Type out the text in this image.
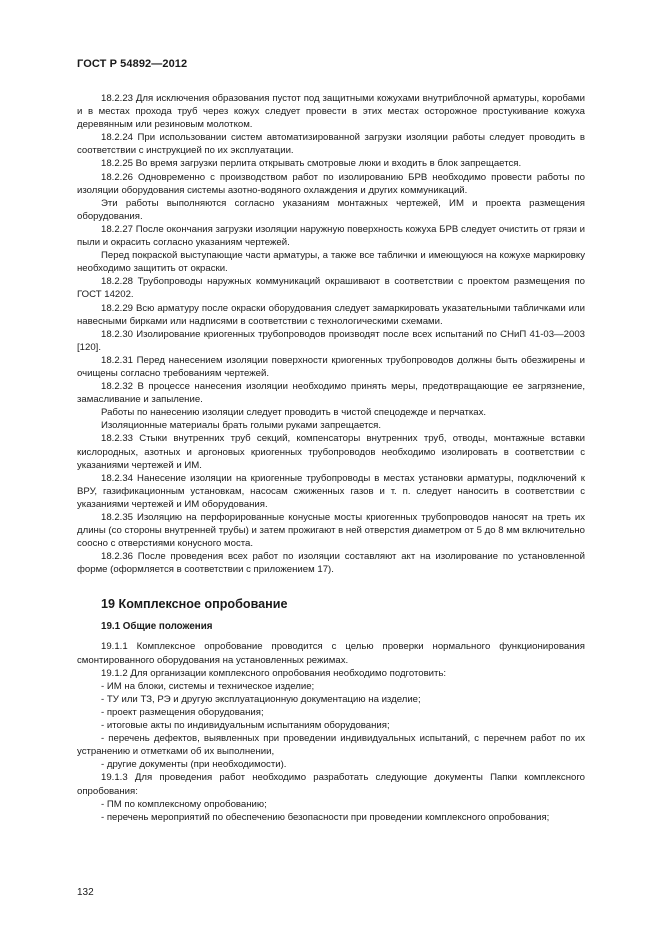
ГОСТ Р 54892—2012

18.2.23 Для исключения образования пустот под защитными кожухами внутриблочной арматуры, коробами и в местах прохода труб через кожух следует провести в этих местах осторожное простукивание кожуха деревянным или резиновым молотком.

18.2.24 При использовании систем автоматизированной загрузки изоляции работы следует проводить в соответствии с инструкцией по их эксплуатации.

18.2.25 Во время загрузки перлита открывать смотровые люки и входить в блок запрещается.

18.2.26 Одновременно с производством работ по изолированию БРВ необходимо провести работы по изоляции оборудования системы азотно-водяного охлаждения и других коммуникаций.

Эти работы выполняются согласно указаниям монтажных чертежей, ИМ и проекта размещения оборудования.

18.2.27 После окончания загрузки изоляции наружную поверхность кожуха БРВ следует очистить от грязи и пыли и окрасить согласно указаниям чертежей.

Перед покраской выступающие части арматуры, а также все таблички и имеющуюся на кожухе маркировку необходимо защитить от окраски.

18.2.28 Трубопроводы наружных коммуникаций окрашивают в соответствии с проектом размещения по ГОСТ 14202.

18.2.29 Всю арматуру после окраски оборудования следует замаркировать указательными табличками или навесными бирками или надписями в соответствии с технологическими схемами.

18.2.30 Изолирование криогенных трубопроводов производят после всех испытаний по СНиП 41-03—2003 [120].

18.2.31 Перед нанесением изоляции поверхности криогенных трубопроводов должны быть обезжирены и очищены согласно требованиям чертежей.

18.2.32 В процессе нанесения изоляции необходимо принять меры, предотвращающие ее загрязнение, замасливание и запыление.

Работы по нанесению изоляции следует проводить в чистой спецодежде и перчатках.

Изоляционные материалы брать голыми руками запрещается.

18.2.33 Стыки внутренних труб секций, компенсаторы внутренних труб, отводы, монтажные вставки кислородных, азотных и аргоновых криогенных трубопроводов необходимо изолировать в соответствии с указаниями чертежей и ИМ.

18.2.34 Нанесение изоляции на криогенные трубопроводы в местах установки арматуры, подключений к ВРУ, газификационным установкам, насосам сжиженных газов и т. п. следует наносить в соответствии с указаниями чертежей и ИМ оборудования.

18.2.35 Изоляцию на перфорированные конусные мосты криогенных трубопроводов наносят на треть их длины (со стороны внутренней трубы) и затем прожигают в ней отверстия диаметром от 5 до 8 мм включительно соосно с отверстиями конусного моста.

18.2.36 После проведения всех работ по изоляции составляют акт на изолирование по установленной форме (оформляется в соответствии с приложением 17).

19 Комплексное опробование
19.1 Общие положения

19.1.1 Комплексное опробование проводится с целью проверки нормального функционирования смонтированного оборудования на установленных режимах.

19.1.2 Для организации комплексного опробования необходимо подготовить:

- ИМ на блоки, системы и техническое изделие;

- ТУ или ТЗ, РЭ и другую эксплуатационную документацию на изделие;

- проект размещения оборудования;

- итоговые акты по индивидуальным испытаниям оборудования;

- перечень дефектов, выявленных при проведении индивидуальных испытаний, с перечнем работ по их устранению и отметками об их выполнении,

- другие документы (при необходимости).

19.1.3 Для проведения работ необходимо разработать следующие документы Папки комплексного опробования:

- ПМ по комплексному опробованию;

- перечень мероприятий по обеспечению безопасности при проведении комплексного опробования;

132
